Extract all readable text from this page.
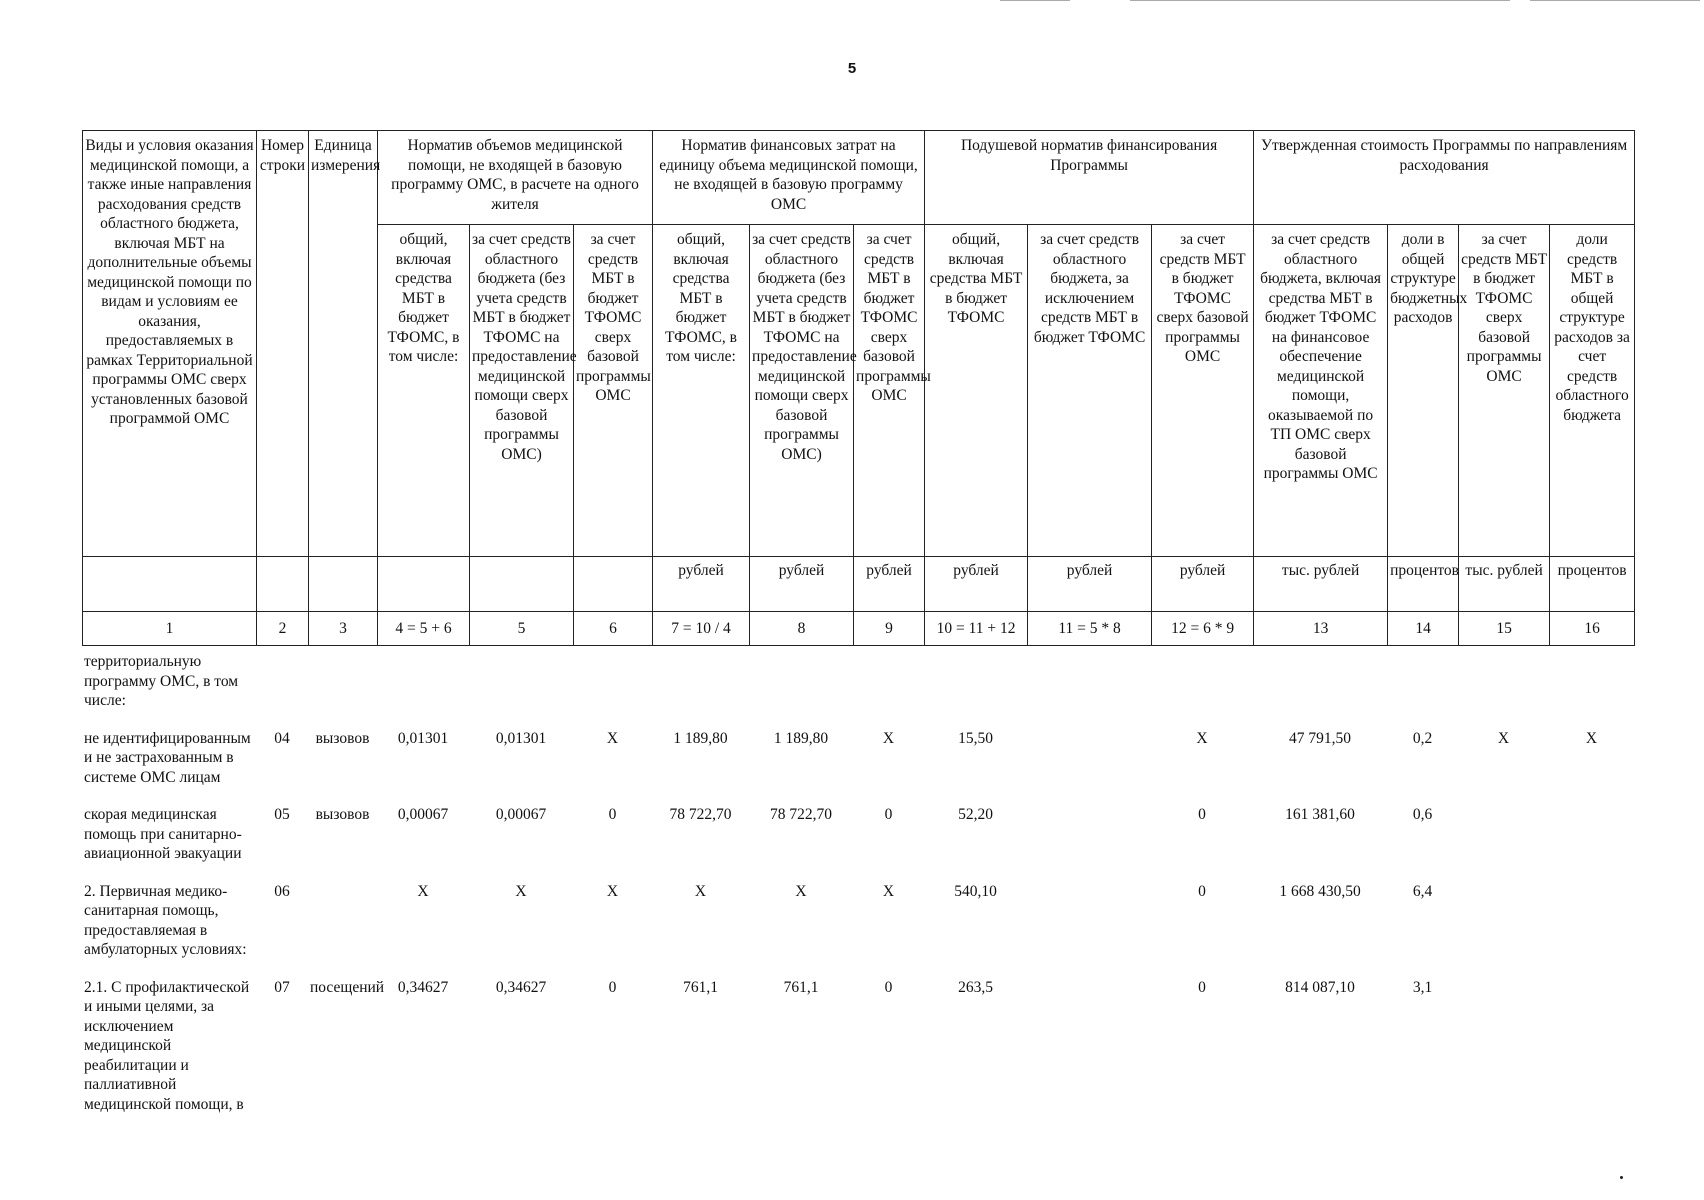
5
Виды и условия оказания медицинской помощи, а также иные направления расходования средств областного бюджета, включая МБТ на дополнительные объемы медицинской помощи по видам и условиям ее оказания, предоставляемых в рамках Территориальной программы ОМС сверх установленных базовой программой ОМС	Номер строки	Единица измерения	Норматив объемов медицинской помощи, не входящей в базовую программу ОМС, в расчете на одного жителя			Норматив финансовых затрат на единицу объема медицинской помощи, не входящей в базовую программу ОМС			Подушевой норматив финансирования Программы			Утвержденная стоимость Программы по направлениям расходования			
			общий, включая средства МБТ в бюджет ТФОМС, в том числе:	за счет средств областного бюджета (без учета средств МБТ в бюджет ТФОМС на предоставление медицинской помощи сверх базовой программы ОМС)	за счет средств МБТ в бюджет ТФОМС сверх базовой программы ОМС	общий, включая средства МБТ в бюджет ТФОМС, в том числе:	за счет средств областного бюджета (без учета средств МБТ в бюджет ТФОМС на предоставление медицинской помощи сверх базовой программы ОМС)	за счет средств МБТ в бюджет ТФОМС сверх базовой программы ОМС	общий, включая средства МБТ в бюджет ТФОМС	за счет средств областного бюджета, за исключением средств МБТ в бюджет ТФОМС	за счет средств МБТ в бюджет ТФОМС сверх базовой программы ОМС	за счет средств областного бюджета, включая средства МБТ в бюджет ТФОМС на финансовое обеспечение медицинской помощи, оказываемой по ТП ОМС сверх базовой программы ОМС	доли в общей структуре бюджетных расходов	за счет средств МБТ в бюджет ТФОМС сверх базовой программы ОМС	доли средств МБТ в общей структуре расходов за счет средств областного бюджета
						рублей	рублей	рублей	рублей	рублей	рублей	тыс. рублей	процентов	тыс. рублей	процентов
1	2	3	4 = 5 + 6	5	6	7 = 10 / 4	8	9	10 = 11 + 12	11 = 5 * 8	12 = 6 * 9	13	14	15	16
территориальную программу ОМС, в том числе:															
не идентифицированным и не застрахованным в системе ОМС лицам	04	вызовов	0,01301	0,01301	X	1 189,80	1 189,80	X	15,50		X	47 791,50	0,2	X	X
скорая медицинская помощь при санитарно-авиационной эвакуации	05	вызовов	0,00067	0,00067	0	78 722,70	78 722,70	0	52,20		0	161 381,60	0,6		
2. Первичная медико-санитарная помощь, предоставляемая в амбулаторных условиях:	06		X	X	X	X	X	X	540,10		0	1 668 430,50	6,4		
2.1. С профилактической и иными целями, за исключением медицинской реабилитации и паллиативной медицинской помощи, в	07	посещений	0,34627	0,34627	0	761,1	761,1	0	263,5		0	814 087,10	3,1		
